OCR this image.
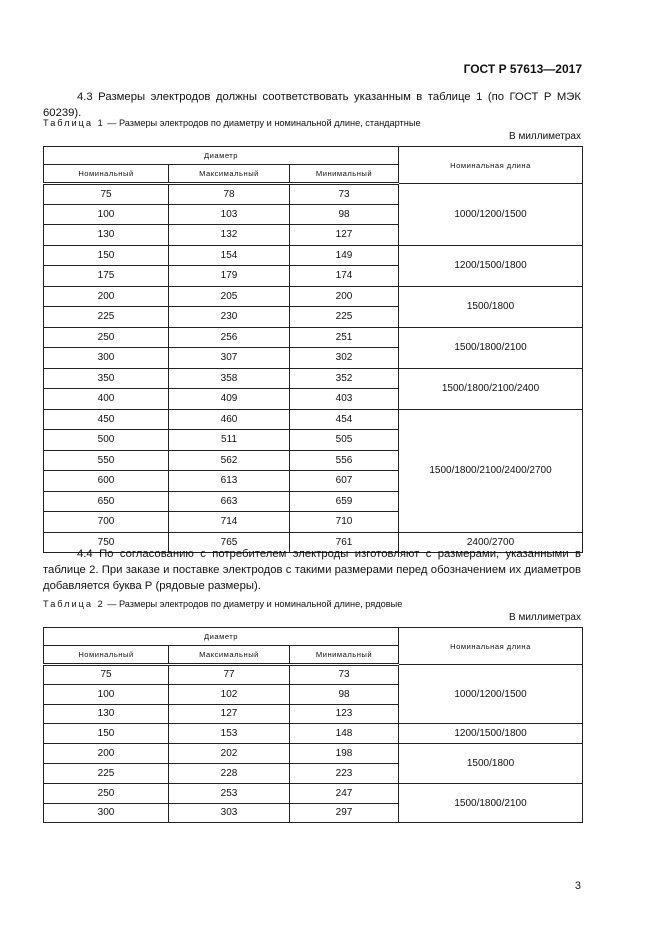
ГОСТ Р 57613—2017
4.3 Размеры электродов должны соответствовать указанным в таблице 1 (по ГОСТ Р МЭК 60239).
Таблица 1 — Размеры электродов по диаметру и номинальной длине, стандартные
В миллиметрах
Диаметр			Номинальная длина
Номинальный	Максимальный	Минимальный	
75	78	73	1000/1200/1500
100	103	98	
130	132	127	
150	154	149	1200/1500/1800
175	179	174	
200	205	200	1500/1800
225	230	225	
250	256	251	1500/1800/2100
300	307	302	
350	358	352	1500/1800/2100/2400
400	409	403	
450	460	454	1500/1800/2100/2400/2700
500	511	505	
550	562	556	
600	613	607	
650	663	659	
700	714	710	
750	765	761	2400/2700
4.4 По согласованию с потребителем электроды изготовляют с размерами, указанными в таблице 2. При заказе и поставке электродов с такими размерами перед обозначением их диаметров добавляется буква Р (рядовые размеры).
Таблица 2 — Размеры электродов по диаметру и номинальной длине, рядовые
В миллиметрах
Диаметр			Номинальная длина
Номинальный	Максимальный	Минимальный	
75	77	73	1000/1200/1500
100	102	98	
130	127	123	
150	153	148	1200/1500/1800
200	202	198	1500/1800
225	228	223	
250	253	247	1500/1800/2100
300	303	297	
3
